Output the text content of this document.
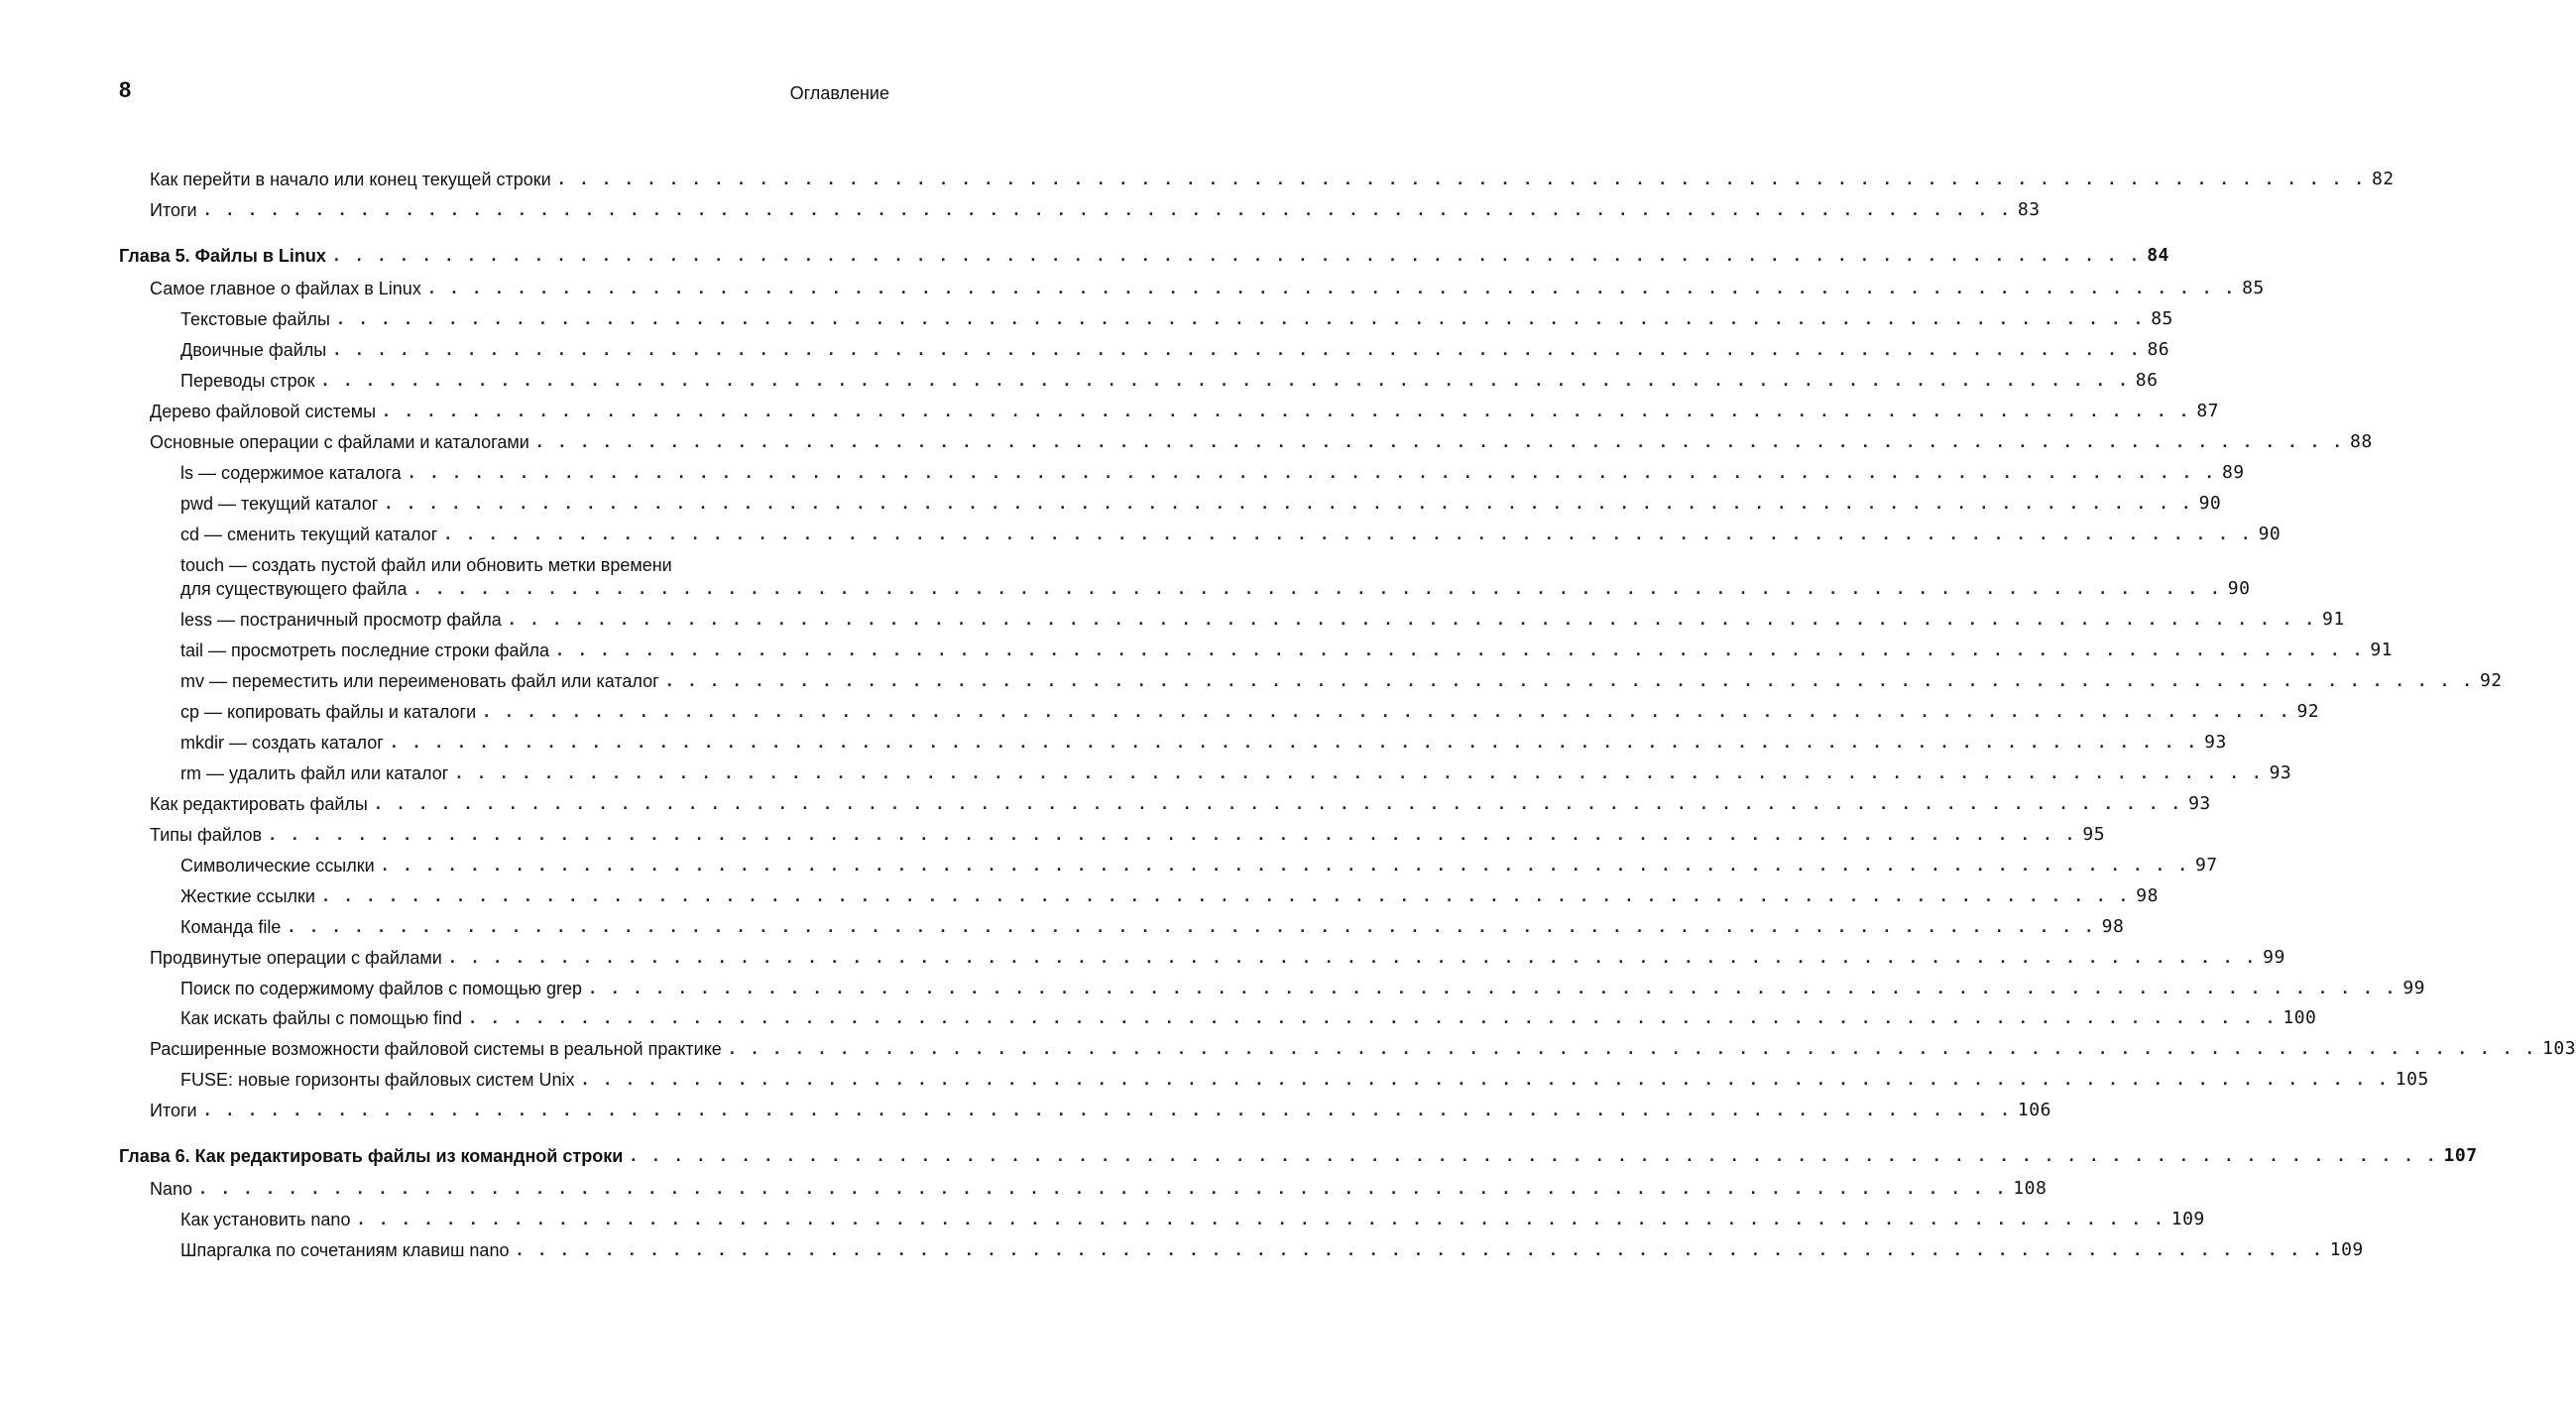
8	Оглавление
Как перейти в начало или конец текущей строки . . . . . . . . . . . . . . . . . . . . . . . . . . . . . . . . . . . . . . . . . . . . . . . . . . . . . . . . . . . . . . . . . . . . . . . . . . . . . . . . . 82
Итоги . . . . . . . . . . . . . . . . . . . . . . . . . . . . . . . . . . . . . . . . . . . . . . . . . . . . . . . . . . . . . . . . . . . . . . . . . . . . . . . . . 83
Глава 5. Файлы в Linux . . . . . . . . . . . . . . . . . . . . . . . . . . . . . . . . . . . . . . . . . . . . . . . . . . . . . . . . . . . . . . . . . . . . . . . . . . . . . . . . . 84
Самое главное о файлах в Linux . . . . . . . . . . . . . . . . . . . . . . . . . . . . . . . . . . . . . . . . . . . . . . . . . . . . . . . . . . . . . . . . . . . . . . . . . . . . . . . . . 85
Текстовые файлы . . . . . . . . . . . . . . . . . . . . . . . . . . . . . . . . . . . . . . . . . . . . . . . . . . . . . . . . . . . . . . . . . . . . . . . . . . . . . . . . . 85
Двоичные файлы . . . . . . . . . . . . . . . . . . . . . . . . . . . . . . . . . . . . . . . . . . . . . . . . . . . . . . . . . . . . . . . . . . . . . . . . . . . . . . . . . 86
Переводы строк . . . . . . . . . . . . . . . . . . . . . . . . . . . . . . . . . . . . . . . . . . . . . . . . . . . . . . . . . . . . . . . . . . . . . . . . . . . . . . . . . 86
Дерево файловой системы . . . . . . . . . . . . . . . . . . . . . . . . . . . . . . . . . . . . . . . . . . . . . . . . . . . . . . . . . . . . . . . . . . . . . . . . . . . . . . . . . 87
Основные операции с файлами и каталогами . . . . . . . . . . . . . . . . . . . . . . . . . . . . . . . . . . . . . . . . . . . . . . . . . . . . . . . . . . . . . . . . . . . . . . . . . . . . . . . . . 88
ls — содержимое каталога . . . . . . . . . . . . . . . . . . . . . . . . . . . . . . . . . . . . . . . . . . . . . . . . . . . . . . . . . . . . . . . . . . . . . . . . . . . . . . . . . 89
pwd — текущий каталог . . . . . . . . . . . . . . . . . . . . . . . . . . . . . . . . . . . . . . . . . . . . . . . . . . . . . . . . . . . . . . . . . . . . . . . . . . . . . . . . . 90
cd — сменить текущий каталог . . . . . . . . . . . . . . . . . . . . . . . . . . . . . . . . . . . . . . . . . . . . . . . . . . . . . . . . . . . . . . . . . . . . . . . . . . . . . . . . . 90
touch — создать пустой файл или обновить метки времени
для существующего файла . . . . . . . . . . . . . . . . . . . . . . . . . . . . . . . . . . . . . . . . . . . . . . . . . . . . . . . . . . . . . . . . . . . . . . . . . . . . . . . . . 90
less — постраничный просмотр файла . . . . . . . . . . . . . . . . . . . . . . . . . . . . . . . . . . . . . . . . . . . . . . . . . . . . . . . . . . . . . . . . . . . . . . . . . . . . . . . . . 91
tail — просмотреть последние строки файла . . . . . . . . . . . . . . . . . . . . . . . . . . . . . . . . . . . . . . . . . . . . . . . . . . . . . . . . . . . . . . . . . . . . . . . . . . . . . . . . . 91
mv — переместить или переименовать файл или каталог . . . . . . . . . . . . . . . . . . . . . . . . . . . . . . . . . . . . . . . . . . . . . . . . . . . . . . . . . . . . . . . . . . . . . . . . . . . . . . . . . 92
cp — копировать файлы и каталоги . . . . . . . . . . . . . . . . . . . . . . . . . . . . . . . . . . . . . . . . . . . . . . . . . . . . . . . . . . . . . . . . . . . . . . . . . . . . . . . . . 92
mkdir — создать каталог . . . . . . . . . . . . . . . . . . . . . . . . . . . . . . . . . . . . . . . . . . . . . . . . . . . . . . . . . . . . . . . . . . . . . . . . . . . . . . . . . 93
rm — удалить файл или каталог . . . . . . . . . . . . . . . . . . . . . . . . . . . . . . . . . . . . . . . . . . . . . . . . . . . . . . . . . . . . . . . . . . . . . . . . . . . . . . . . . 93
Как редактировать файлы . . . . . . . . . . . . . . . . . . . . . . . . . . . . . . . . . . . . . . . . . . . . . . . . . . . . . . . . . . . . . . . . . . . . . . . . . . . . . . . . . 93
Типы файлов . . . . . . . . . . . . . . . . . . . . . . . . . . . . . . . . . . . . . . . . . . . . . . . . . . . . . . . . . . . . . . . . . . . . . . . . . . . . . . . . . 95
Символические ссылки . . . . . . . . . . . . . . . . . . . . . . . . . . . . . . . . . . . . . . . . . . . . . . . . . . . . . . . . . . . . . . . . . . . . . . . . . . . . . . . . . 97
Жесткие ссылки . . . . . . . . . . . . . . . . . . . . . . . . . . . . . . . . . . . . . . . . . . . . . . . . . . . . . . . . . . . . . . . . . . . . . . . . . . . . . . . . . 98
Команда file . . . . . . . . . . . . . . . . . . . . . . . . . . . . . . . . . . . . . . . . . . . . . . . . . . . . . . . . . . . . . . . . . . . . . . . . . . . . . . . . . 98
Продвинутые операции с файлами . . . . . . . . . . . . . . . . . . . . . . . . . . . . . . . . . . . . . . . . . . . . . . . . . . . . . . . . . . . . . . . . . . . . . . . . . . . . . . . . . 99
Поиск по содержимому файлов с помощью grep . . . . . . . . . . . . . . . . . . . . . . . . . . . . . . . . . . . . . . . . . . . . . . . . . . . . . . . . . . . . . . . . . . . . . . . . . . . . . . . . . 99
Как искать файлы с помощью find . . . . . . . . . . . . . . . . . . . . . . . . . . . . . . . . . . . . . . . . . . . . . . . . . . . . . . . . . . . . . . . . . . . . . . . . . . . . . . . . . 100
Расширенные возможности файловой системы в реальной практике . . . . . . . . . . . . . . . . . . . . . . . . . . . . . . . . . . . . . . . . . . . . . . . . . . . . . . . . . . . . . . . . . . . . . . . . . . . . . . . . . 103
FUSE: новые горизонты файловых систем Unix . . . . . . . . . . . . . . . . . . . . . . . . . . . . . . . . . . . . . . . . . . . . . . . . . . . . . . . . . . . . . . . . . . . . . . . . . . . . . . . . . 105
Итоги . . . . . . . . . . . . . . . . . . . . . . . . . . . . . . . . . . . . . . . . . . . . . . . . . . . . . . . . . . . . . . . . . . . . . . . . . . . . . . . . . 106
Глава 6. Как редактировать файлы из командной строки . . . . . . . . . . . . . . . . . . . . . . . . . . . . . . . . . . . . . . . . . . . . . . . . . . . . . . . . . . . . . . . . . . . . . . . . . . . . . . . . . 107
Nano . . . . . . . . . . . . . . . . . . . . . . . . . . . . . . . . . . . . . . . . . . . . . . . . . . . . . . . . . . . . . . . . . . . . . . . . . . . . . . . . . 108
Как установить nano . . . . . . . . . . . . . . . . . . . . . . . . . . . . . . . . . . . . . . . . . . . . . . . . . . . . . . . . . . . . . . . . . . . . . . . . . . . . . . . . . 109
Шпаргалка по сочетаниям клавиш nano . . . . . . . . . . . . . . . . . . . . . . . . . . . . . . . . . . . . . . . . . . . . . . . . . . . . . . . . . . . . . . . . . . . . . . . . . . . . . . . . . 109
